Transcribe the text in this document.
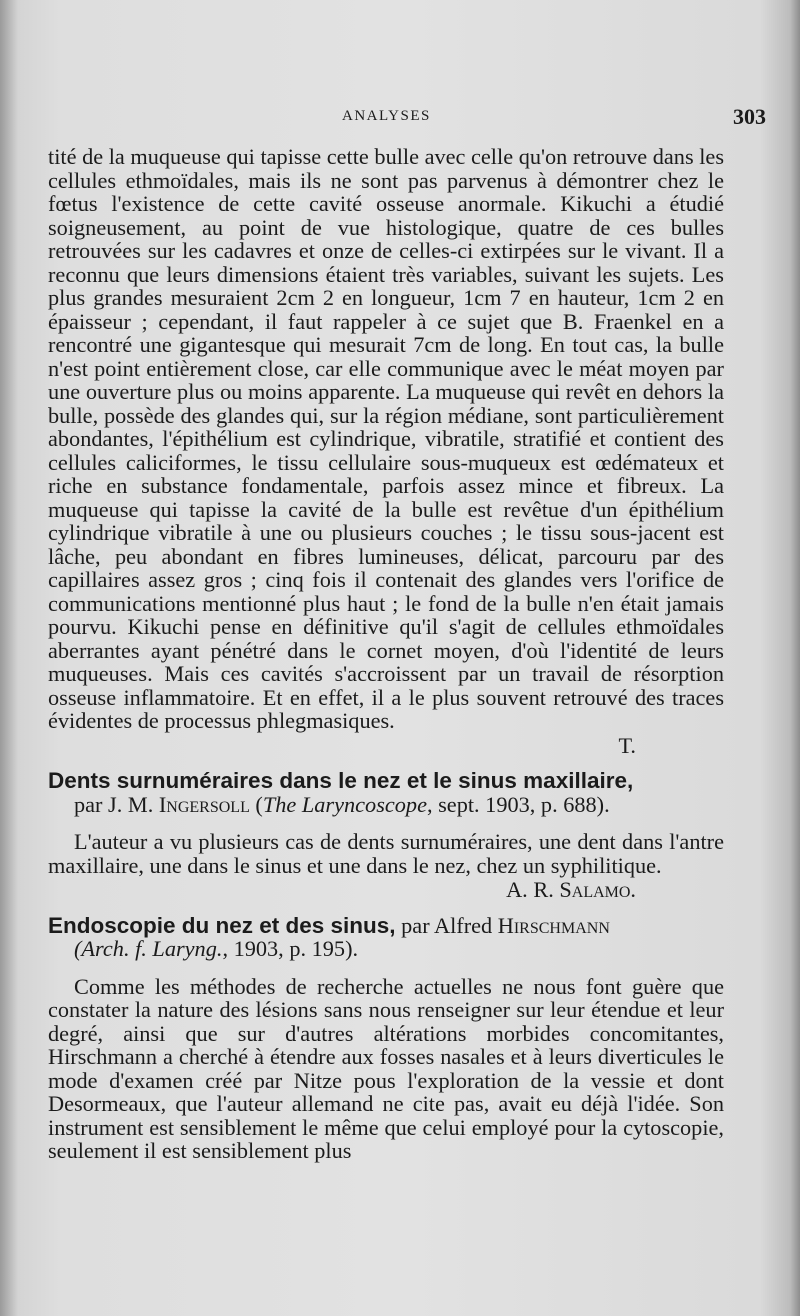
ANALYSES	303

tité de la muqueuse qui tapisse cette bulle avec celle qu'on retrouve dans les cellules ethmoïdales, mais ils ne sont pas parvenus à démontrer chez le fœtus l'existence de cette cavité osseuse anormale. Kikuchi a étudié soigneusement, au point de vue histologique, quatre de ces bulles retrouvées sur les cadavres et onze de celles-ci extirpées sur le vivant. Il a reconnu que leurs dimensions étaient très variables, suivant les sujets. Les plus grandes mesuraient 2cm 2 en longueur, 1cm 7 en hauteur, 1cm 2 en épaisseur ; cependant, il faut rappeler à ce sujet que B. Fraenkel en a rencontré une gigantesque qui mesurait 7cm de long. En tout cas, la bulle n'est point entièrement close, car elle communique avec le méat moyen par une ouverture plus ou moins apparente. La muqueuse qui revêt en dehors la bulle, possède des glandes qui, sur la région médiane, sont particulièrement abondantes, l'épithélium est cylindrique, vibratile, stratifié et contient des cellules caliciformes, le tissu cellulaire sous-muqueux est œdémateux et riche en substance fondamentale, parfois assez mince et fibreux. La muqueuse qui tapisse la cavité de la bulle est revêtue d'un épithélium cylindrique vibratile à une ou plusieurs couches ; le tissu sous-jacent est lâche, peu abondant en fibres lumineuses, délicat, parcouru par des capillaires assez gros ; cinq fois il contenait des glandes vers l'orifice de communications mentionné plus haut ; le fond de la bulle n'en était jamais pourvu. Kikuchi pense en définitive qu'il s'agit de cellules ethmoïdales aberrantes ayant pénétré dans le cornet moyen, d'où l'identité de leurs muqueuses. Mais ces cavités s'accroissent par un travail de résorption osseuse inflammatoire. Et en effet, il a le plus souvent retrouvé des traces évidentes de processus phlegmasiques.

T.

Dents surnuméraires dans le nez et le sinus maxillaire,

par J. M. Ingersoll (The Laryncoscope, sept. 1903, p. 688).

L'auteur a vu plusieurs cas de dents surnuméraires, une dent dans l'antre maxillaire, une dans le sinus et une dans le nez, chez un syphilitique.

A. R. Salamo.

Endoscopie du nez et des sinus, par Alfred Hirschmann

(Arch. f. Laryng., 1903, p. 195).

Comme les méthodes de recherche actuelles ne nous font guère que constater la nature des lésions sans nous renseigner sur leur étendue et leur degré, ainsi que sur d'autres altérations morbides concomitantes, Hirschmann a cherché à étendre aux fosses nasales et à leurs diverticules le mode d'examen créé par Nitze pous l'exploration de la vessie et dont Desormeaux, que l'auteur allemand ne cite pas, avait eu déjà l'idée. Son instrument est sensiblement le même que celui employé pour la cytoscopie, seulement il est sensiblement plus
